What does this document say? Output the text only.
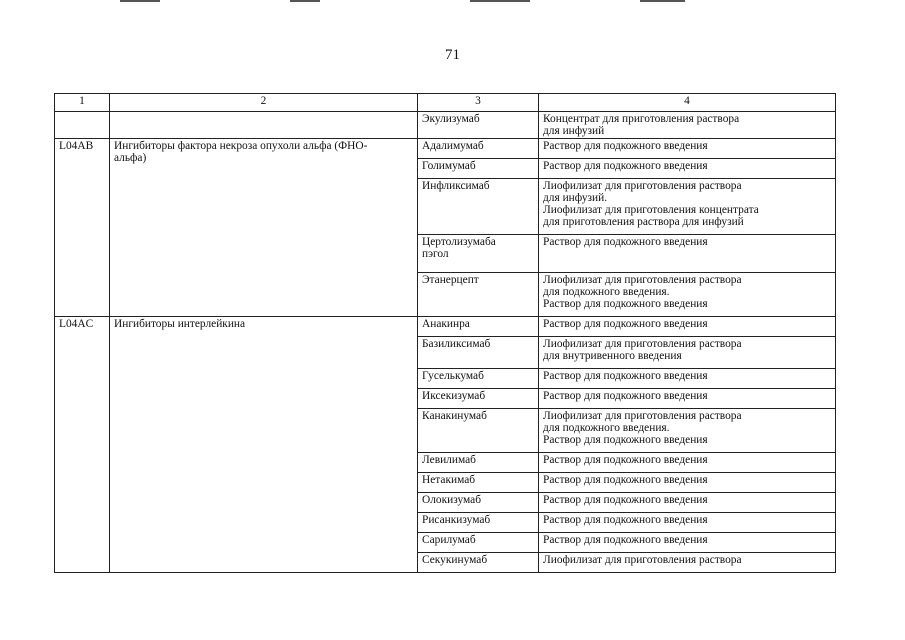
71
1	2	3	4
		Экулизумаб	Концентрат для приготовления раствора
для инфузий
L04AB	Ингибиторы фактора некроза опухоли альфа (ФНО-
альфа)	Адалимумаб	Раствор для подкожного введения
		Голимумаб	Раствор для подкожного введения
		Инфликсимаб	Лиофилизат для приготовления раствора
для инфузий.
Лиофилизат для приготовления концентрата
для приготовления раствора для инфузий
		Цертолизумаба
пэгол	Раствор для подкожного введения
		Этанерцепт	Лиофилизат для приготовления раствора
для подкожного введения.
Раствор для подкожного введения
L04AC	Ингибиторы интерлейкина	Анакинра	Раствор для подкожного введения
		Базиликсимаб	Лиофилизат для приготовления раствора
для внутривенного введения
		Гуселькумаб	Раствор для подкожного введения
		Иксекизумаб	Раствор для подкожного введения
		Канакинумаб	Лиофилизат для приготовления раствора
для подкожного введения.
Раствор для подкожного введения
		Левилимаб	Раствор для подкожного введения
		Нетакимаб	Раствор для подкожного введения
		Олокизумаб	Раствор для подкожного введения
		Рисанкизумаб	Раствор для подкожного введения
		Сарилумаб	Раствор для подкожного введения
		Секукинумаб	Лиофилизат для приготовления раствора
